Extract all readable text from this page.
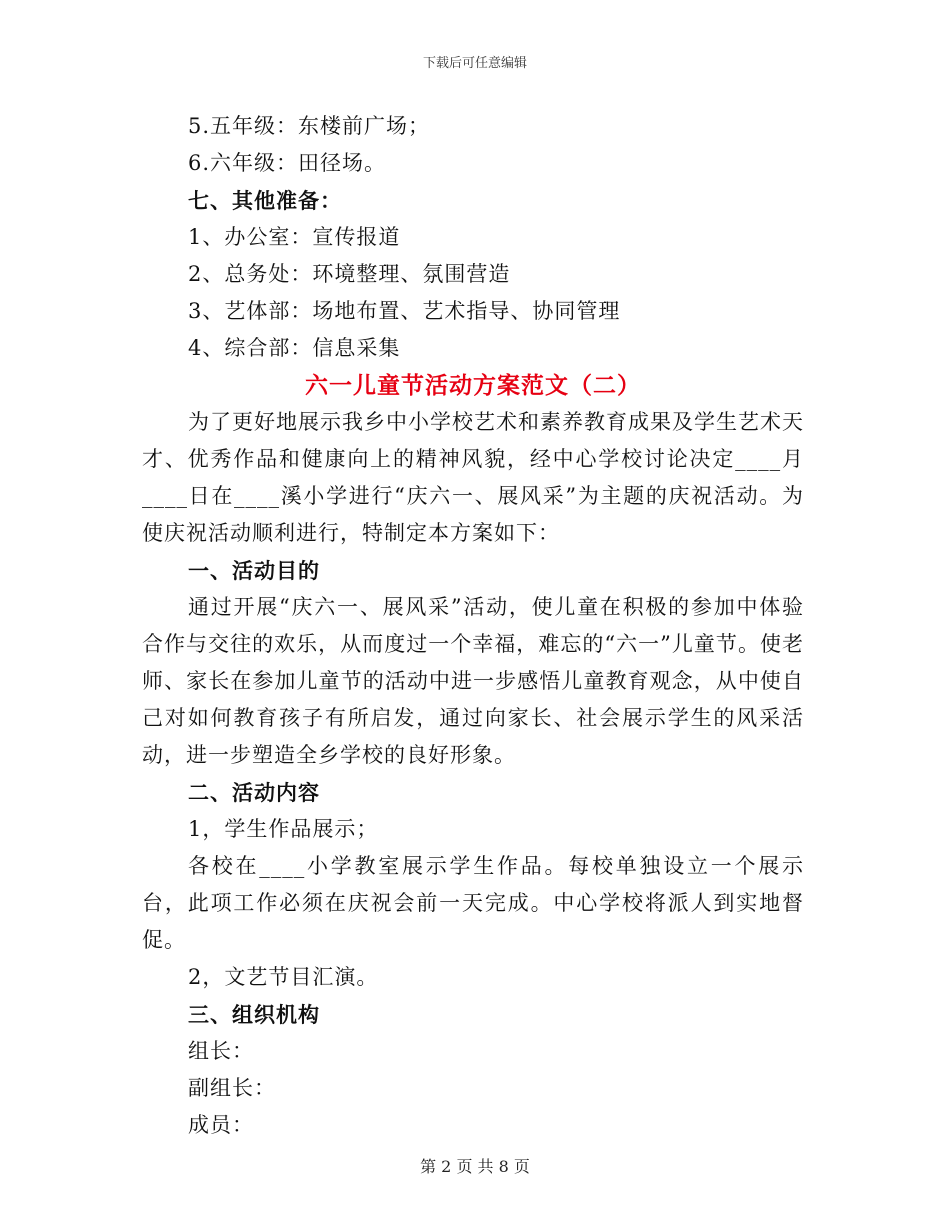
下载后可任意编辑
5.五年级：东楼前广场；
6.六年级：田径场。
七、其他准备：
1、办公室：宣传报道
2、总务处：环境整理、氛围营造
3、艺体部：场地布置、艺术指导、协同管理
4、综合部：信息采集
六一儿童节活动方案范文（二）
为了更好地展示我乡中小学校艺术和素养教育成果及学生艺术天才、优秀作品和健康向上的精神风貌，经中心学校讨论决定____月____日在____溪小学进行“庆六一、展风采”为主题的庆祝活动。为使庆祝活动顺利进行，特制定本方案如下：
一、活动目的
通过开展“庆六一、展风采”活动，使儿童在积极的参加中体验合作与交往的欢乐，从而度过一个幸福，难忘的“六一”儿童节。使老师、家长在参加儿童节的活动中进一步感悟儿童教育观念，从中使自己对如何教育孩子有所启发，通过向家长、社会展示学生的风采活动，进一步塑造全乡学校的良好形象。
二、活动内容
1，学生作品展示；
各校在____小学教室展示学生作品。每校单独设立一个展示台，此项工作必须在庆祝会前一天完成。中心学校将派人到实地督促。
2，文艺节目汇演。
三、组织机构
组长：
副组长：
成员：
第 2 页 共 8 页
